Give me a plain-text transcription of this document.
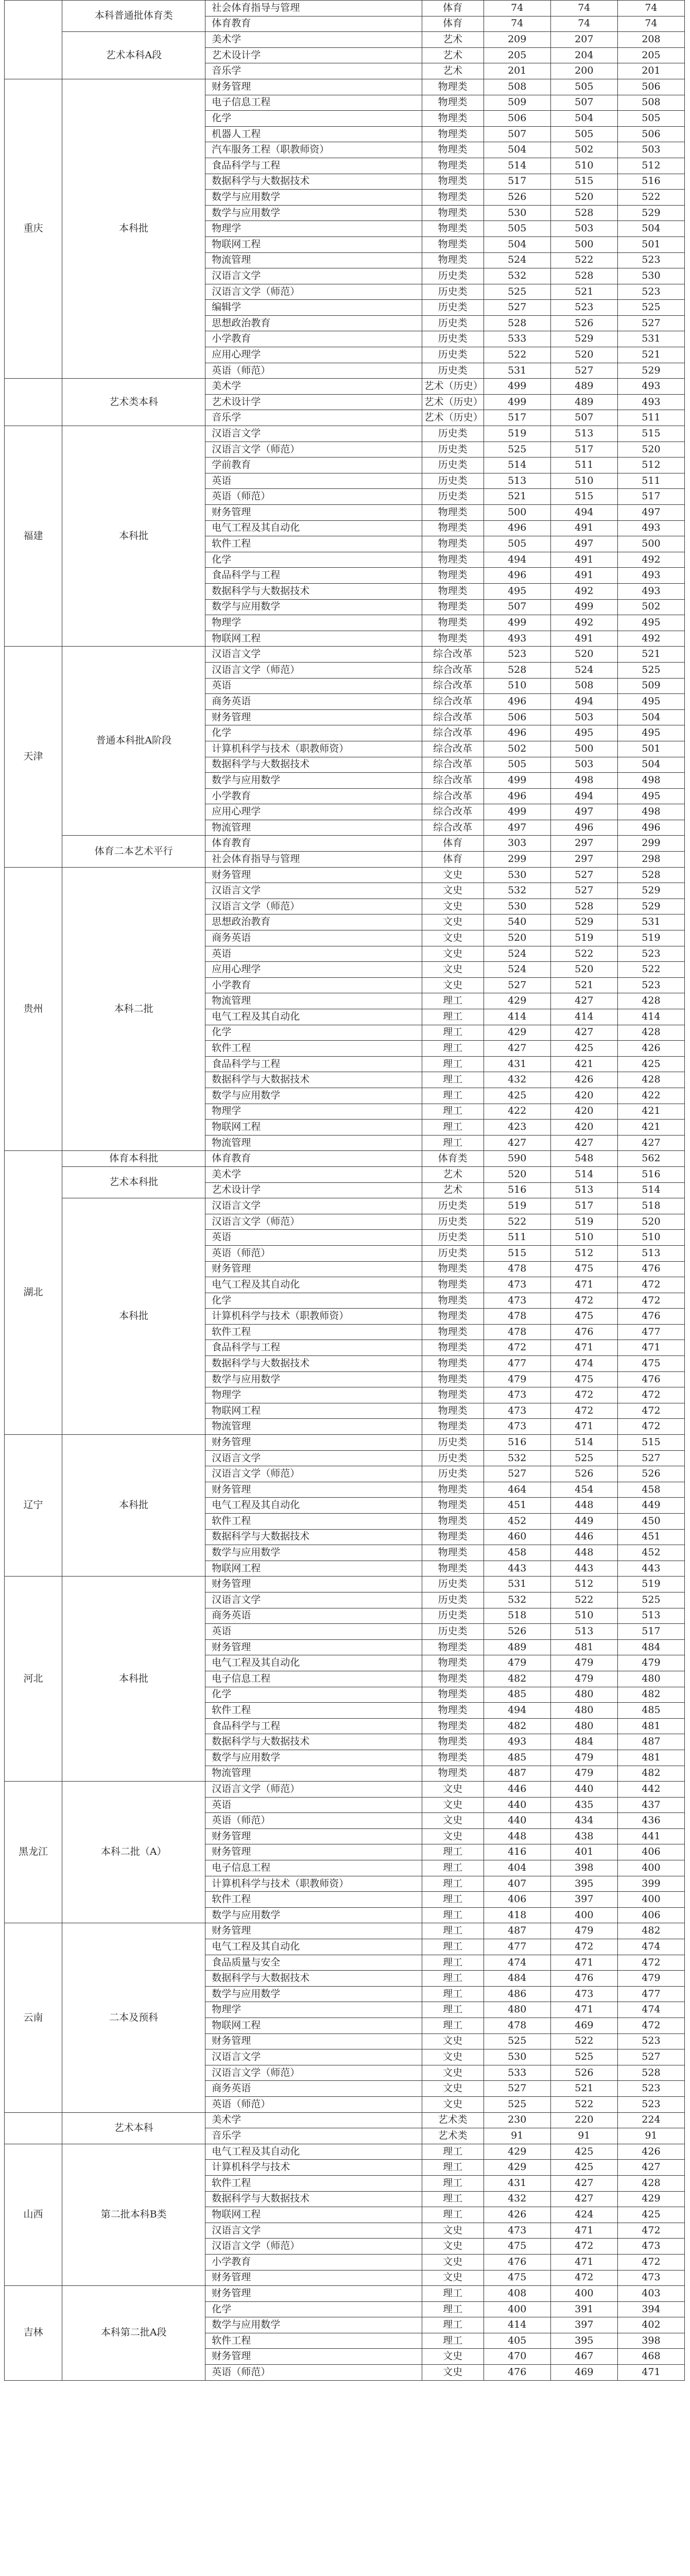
	本科普通批体育类	社会体育指导与管理	体育	74	74	74
		体育教育	体育	74	74	74
	艺术本科A段	美术学	艺术	209	207	208
		艺术设计学	艺术	205	204	205
		音乐学	艺术	201	200	201
重庆	本科批	财务管理	物理类	508	505	506
		电子信息工程	物理类	509	507	508
		化学	物理类	506	504	505
		机器人工程	物理类	507	505	506
		汽车服务工程（职教师资）	物理类	504	502	503
		食品科学与工程	物理类	514	510	512
		数据科学与大数据技术	物理类	517	515	516
		数学与应用数学	物理类	526	520	522
		数学与应用数学	物理类	530	528	529
		物理学	物理类	505	503	504
		物联网工程	物理类	504	500	501
		物流管理	物理类	524	522	523
		汉语言文学	历史类	532	528	530
		汉语言文学（师范）	历史类	525	521	523
		编辑学	历史类	527	523	525
		思想政治教育	历史类	528	526	527
		小学教育	历史类	533	529	531
		应用心理学	历史类	522	520	521
		英语（师范）	历史类	531	527	529
	艺术类本科	美术学	艺术（历史）	499	489	493
		艺术设计学	艺术（历史）	499	489	493
		音乐学	艺术（历史）	517	507	511
福建	本科批	汉语言文学	历史类	519	513	515
		汉语言文学（师范）	历史类	525	517	520
		学前教育	历史类	514	511	512
		英语	历史类	513	510	511
		英语（师范）	历史类	521	515	517
		财务管理	物理类	500	494	497
		电气工程及其自动化	物理类	496	491	493
		软件工程	物理类	505	497	500
		化学	物理类	494	491	492
		食品科学与工程	物理类	496	491	493
		数据科学与大数据技术	物理类	495	492	493
		数学与应用数学	物理类	507	499	502
		物理学	物理类	499	492	495
		物联网工程	物理类	493	491	492
天津	普通本科批A阶段	汉语言文学	综合改革	523	520	521
		汉语言文学（师范）	综合改革	528	524	525
		英语	综合改革	510	508	509
		商务英语	综合改革	496	494	495
		财务管理	综合改革	506	503	504
		化学	综合改革	496	495	495
		计算机科学与技术（职教师资）	综合改革	502	500	501
		数据科学与大数据技术	综合改革	505	503	504
		数学与应用数学	综合改革	499	498	498
		小学教育	综合改革	496	494	495
		应用心理学	综合改革	499	497	498
		物流管理	综合改革	497	496	496
	体育二本艺术平行	体育教育	体育	303	297	299
		社会体育指导与管理	体育	299	297	298
贵州	本科二批	财务管理	文史	530	527	528
		汉语言文学	文史	532	527	529
		汉语言文学（师范）	文史	530	528	529
		思想政治教育	文史	540	529	531
		商务英语	文史	520	519	519
		英语	文史	524	522	523
		应用心理学	文史	524	520	522
		小学教育	文史	527	521	523
		物流管理	理工	429	427	428
		电气工程及其自动化	理工	414	414	414
		化学	理工	429	427	428
		软件工程	理工	427	425	426
		食品科学与工程	理工	431	421	425
		数据科学与大数据技术	理工	432	426	428
		数学与应用数学	理工	425	420	422
		物理学	理工	422	420	421
		物联网工程	理工	423	420	421
		物流管理	理工	427	427	427
湖北	体育本科批	体育教育	体育类	590	548	562
	艺术本科批	美术学	艺术	520	514	516
		艺术设计学	艺术	516	513	514
	本科批	汉语言文学	历史类	519	517	518
		汉语言文学（师范）	历史类	522	519	520
		英语	历史类	511	510	510
		英语（师范）	历史类	515	512	513
		财务管理	物理类	478	475	476
		电气工程及其自动化	物理类	473	471	472
		化学	物理类	473	472	472
		计算机科学与技术（职教师资）	物理类	478	475	476
		软件工程	物理类	478	476	477
		食品科学与工程	物理类	472	471	471
		数据科学与大数据技术	物理类	477	474	475
		数学与应用数学	物理类	479	475	476
		物理学	物理类	473	472	472
		物联网工程	物理类	473	472	472
		物流管理	物理类	473	471	472
辽宁	本科批	财务管理	历史类	516	514	515
		汉语言文学	历史类	532	525	527
		汉语言文学（师范）	历史类	527	526	526
		财务管理	物理类	464	454	458
		电气工程及其自动化	物理类	451	448	449
		软件工程	物理类	452	449	450
		数据科学与大数据技术	物理类	460	446	451
		数学与应用数学	物理类	458	448	452
		物联网工程	物理类	443	443	443
河北	本科批	财务管理	历史类	531	512	519
		汉语言文学	历史类	532	522	525
		商务英语	历史类	518	510	513
		英语	历史类	526	513	517
		财务管理	物理类	489	481	484
		电气工程及其自动化	物理类	479	479	479
		电子信息工程	物理类	482	479	480
		化学	物理类	485	480	482
		软件工程	物理类	494	480	485
		食品科学与工程	物理类	482	480	481
		数据科学与大数据技术	物理类	493	484	487
		数学与应用数学	物理类	485	479	481
		物流管理	物理类	487	479	482
黑龙江	本科二批（A）	汉语言文学（师范）	文史	446	440	442
		英语	文史	440	435	437
		英语（师范）	文史	440	434	436
		财务管理	文史	448	438	441
		财务管理	理工	416	401	406
		电子信息工程	理工	404	398	400
		计算机科学与技术（职教师资）	理工	407	395	399
		软件工程	理工	406	397	400
		数学与应用数学	理工	418	400	406
云南	二本及预科	财务管理	理工	487	479	482
		电气工程及其自动化	理工	477	472	474
		食品质量与安全	理工	474	471	472
		数据科学与大数据技术	理工	484	476	479
		数学与应用数学	理工	486	473	477
		物理学	理工	480	471	474
		物联网工程	理工	478	469	472
		财务管理	文史	525	522	523
		汉语言文学	文史	530	525	527
		汉语言文学（师范）	文史	533	526	528
		商务英语	文史	527	521	523
		英语（师范）	文史	525	522	523
	艺术本科	美术学	艺术类	230	220	224
		音乐学	艺术类	91	91	91
山西	第二批本科B类	电气工程及其自动化	理工	429	425	426
		计算机科学与技术	理工	429	425	427
		软件工程	理工	431	427	428
		数据科学与大数据技术	理工	432	427	429
		物联网工程	理工	426	424	425
		汉语言文学	文史	473	471	472
		汉语言文学（师范）	文史	475	472	473
		小学教育	文史	476	471	472
		财务管理	文史	475	472	473
吉林	本科第二批A段	财务管理	理工	408	400	403
		化学	理工	400	391	394
		数学与应用数学	理工	414	397	402
		软件工程	理工	405	395	398
		财务管理	文史	470	467	468
		英语（师范）	文史	476	469	471
